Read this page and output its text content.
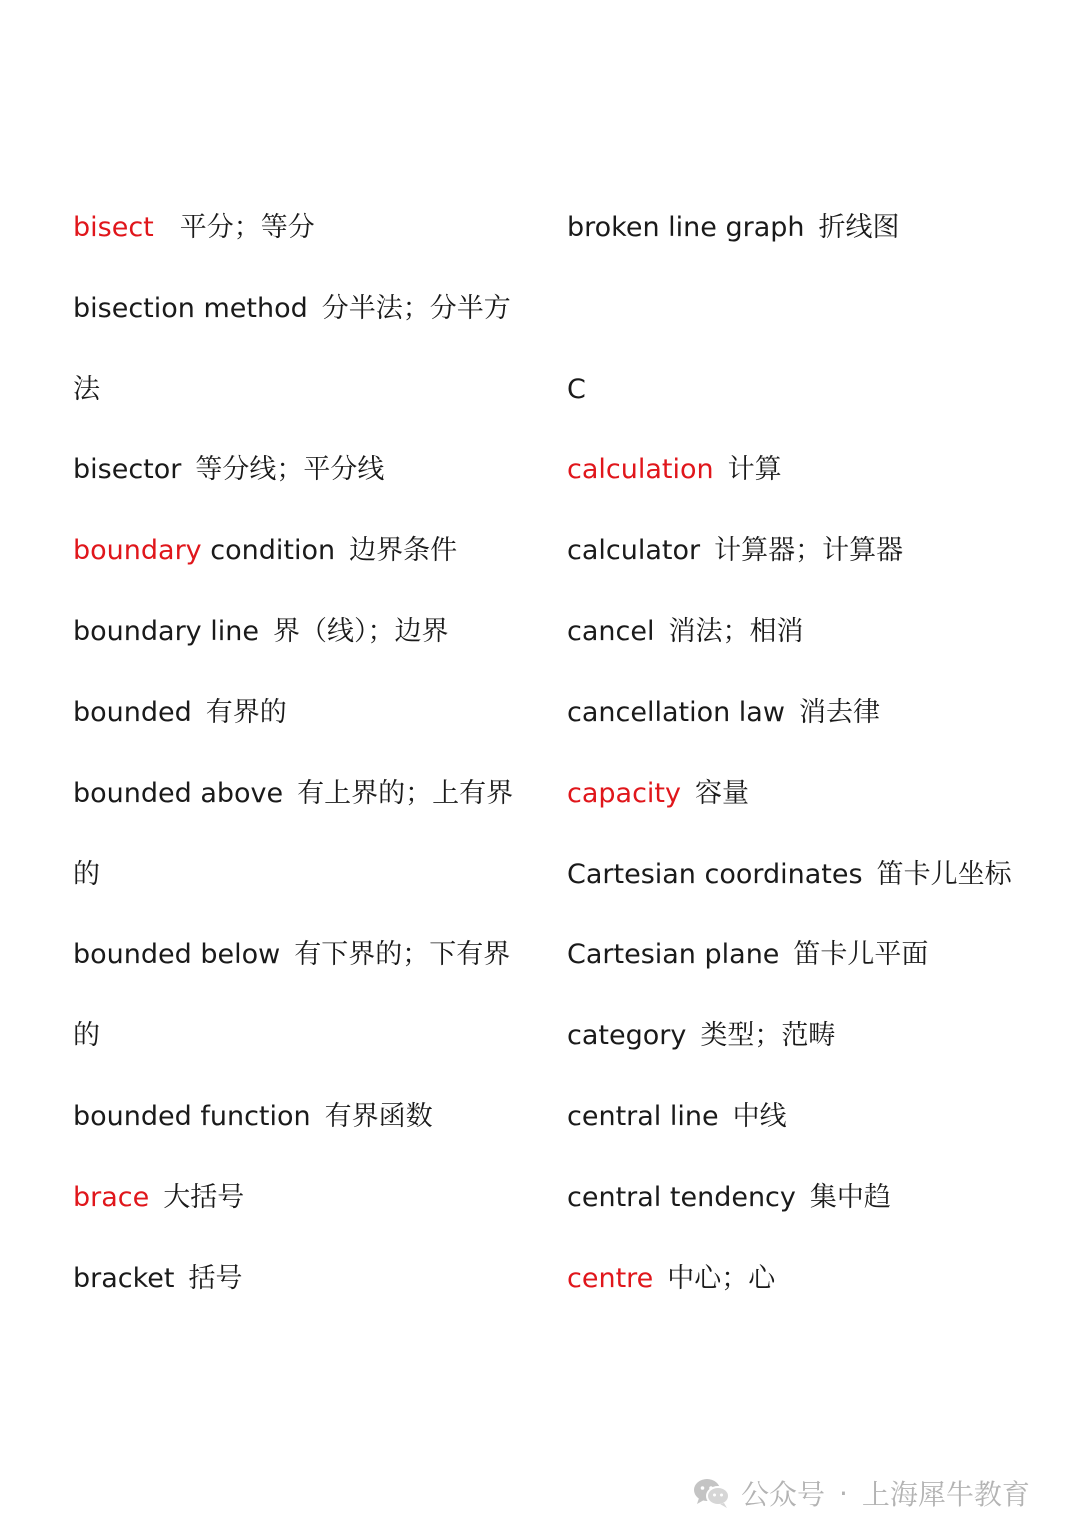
bisect 平分；等分
bisection method 分半法；分半方
法
bisector 等分线；平分线
boundary condition 边界条件
boundary line 界（线）；边界
bounded 有界的
bounded above 有上界的；上有界
的
bounded below 有下界的；下有界
的
bounded function 有界函数
brace 大括号
bracket 括号
broken line graph 折线图
C
calculation 计算
calculator 计算器；计算器
cancel 消法；相消
cancellation law 消去律
capacity 容量
Cartesian coordinates 笛卡儿坐标
Cartesian plane 笛卡儿平面
category 类型；范畴
central line 中线
central tendency 集中趋
centre 中心；心
公众号 · 上海犀牛教育
